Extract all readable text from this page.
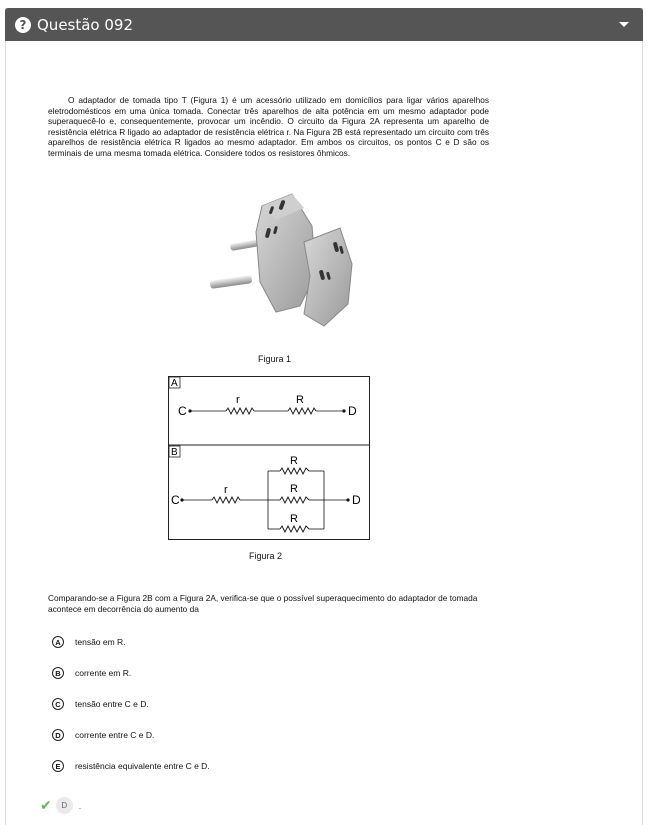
? Questão 092
O adaptador de tomada tipo T (Figura 1) é um acessório utilizado em domicílios para ligar vários aparelhos eletrodomésticos em uma única tomada. Conectar três aparelhos de alta potência em um mesmo adaptador pode superaquecê-lo e, consequentemente, provocar um incêndio. O circuito da Figura 2A representa um aparelho de resistência elétrica R ligado ao adaptador de resistência elétrica r. Na Figura 2B está representado um circuito com três aparelhos de resistência elétrica R ligados ao mesmo adaptador. Em ambos os circuitos, os pontos C e D são os terminais de uma mesma tomada elétrica. Considere todos os resistores ôhmicos.
Figura 1
A
C
r	R
D
B
C
r
R
R
R
D
Figura 2
Comparando-se a Figura 2B com a Figura 2A, verifica-se que o possível superaquecimento do adaptador de tomada acontece em decorrência do aumento da
A	tensão em R.
B	corrente em R.
C	tensão entre C e D.
D	corrente entre C e D.
E	resistência equivalente entre C e D.
✔	D	.
